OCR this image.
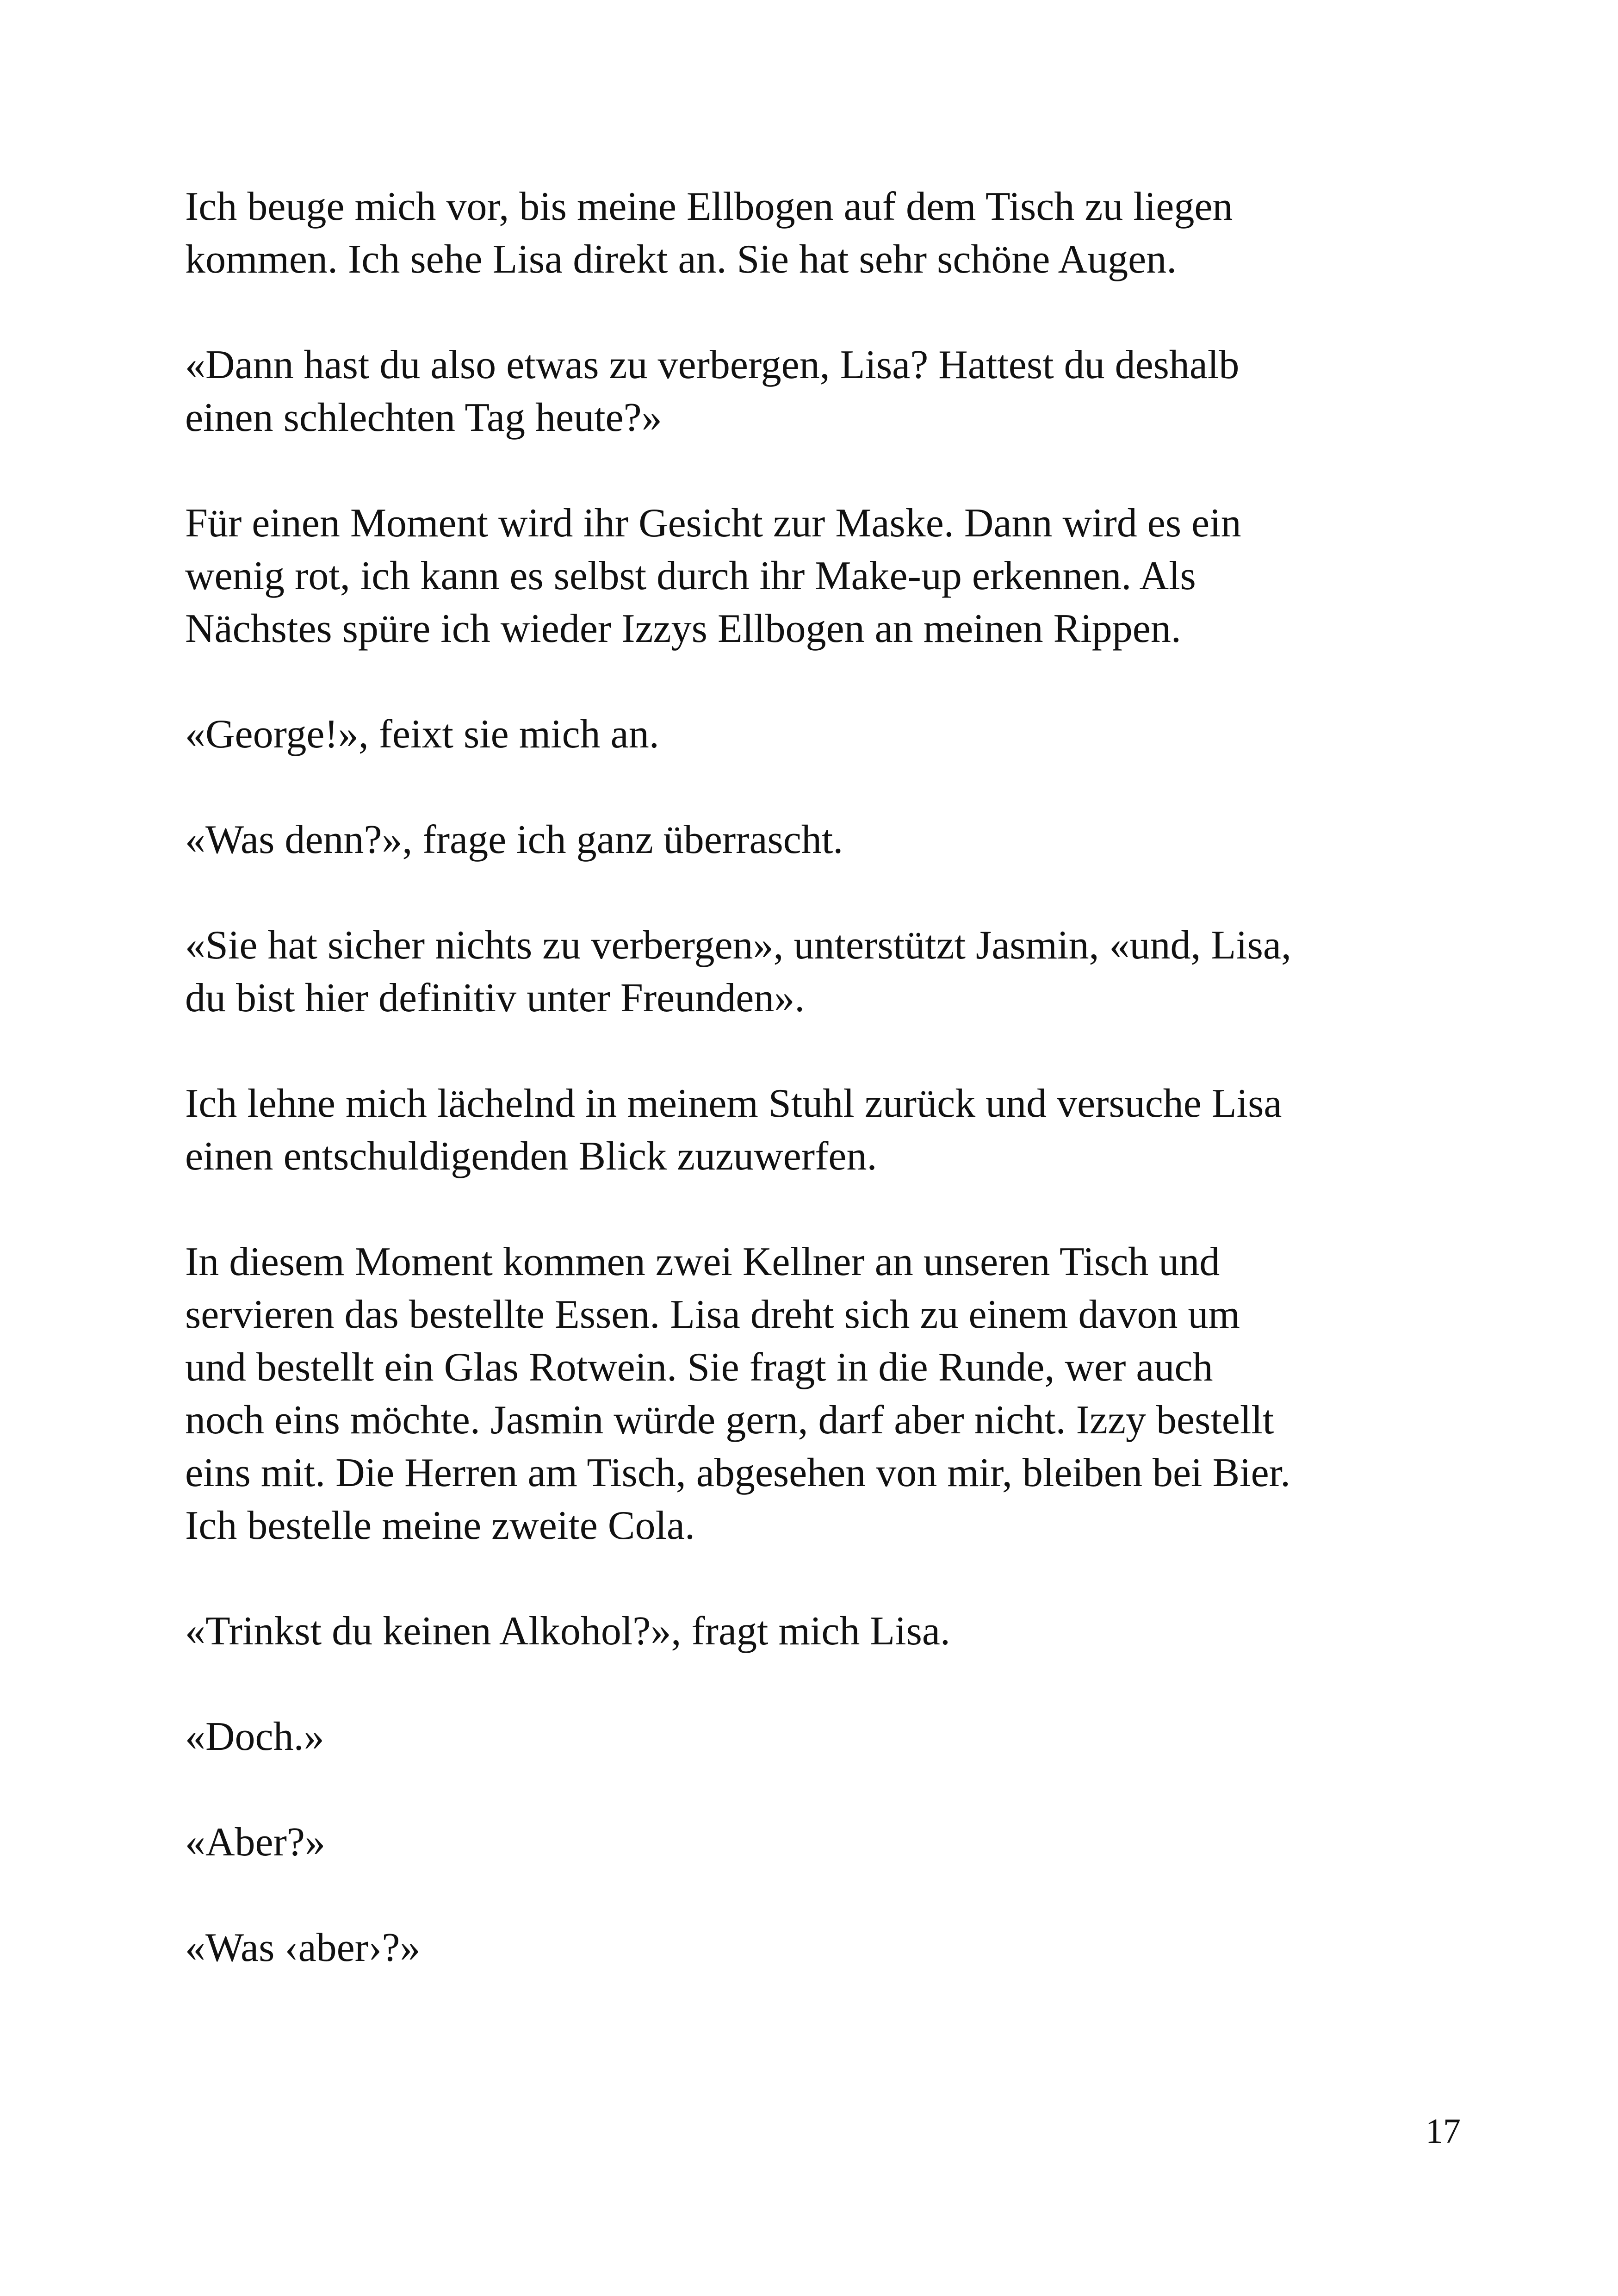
Ich beuge mich vor, bis meine Ellbogen auf dem Tisch zu liegen
kommen. Ich sehe Lisa direkt an. Sie hat sehr schöne Augen.

«Dann hast du also etwas zu verbergen, Lisa? Hattest du deshalb
einen schlechten Tag heute?»

Für einen Moment wird ihr Gesicht zur Maske. Dann wird es ein
wenig rot, ich kann es selbst durch ihr Make-up erkennen. Als
Nächstes spüre ich wieder Izzys Ellbogen an meinen Rippen.

«George!», feixt sie mich an.

«Was denn?», frage ich ganz überrascht.

«Sie hat sicher nichts zu verbergen», unterstützt Jasmin, «und, Lisa,
du bist hier definitiv unter Freunden».

Ich lehne mich lächelnd in meinem Stuhl zurück und versuche Lisa
einen entschuldigenden Blick zuzuwerfen.

In diesem Moment kommen zwei Kellner an unseren Tisch und
servieren das bestellte Essen. Lisa dreht sich zu einem davon um
und bestellt ein Glas Rotwein. Sie fragt in die Runde, wer auch
noch eins möchte. Jasmin würde gern, darf aber nicht. Izzy bestellt
eins mit. Die Herren am Tisch, abgesehen von mir, bleiben bei Bier.
Ich bestelle meine zweite Cola.

«Trinkst du keinen Alkohol?», fragt mich Lisa.

«Doch.»

«Aber?»

«Was ‹aber›?»

17
